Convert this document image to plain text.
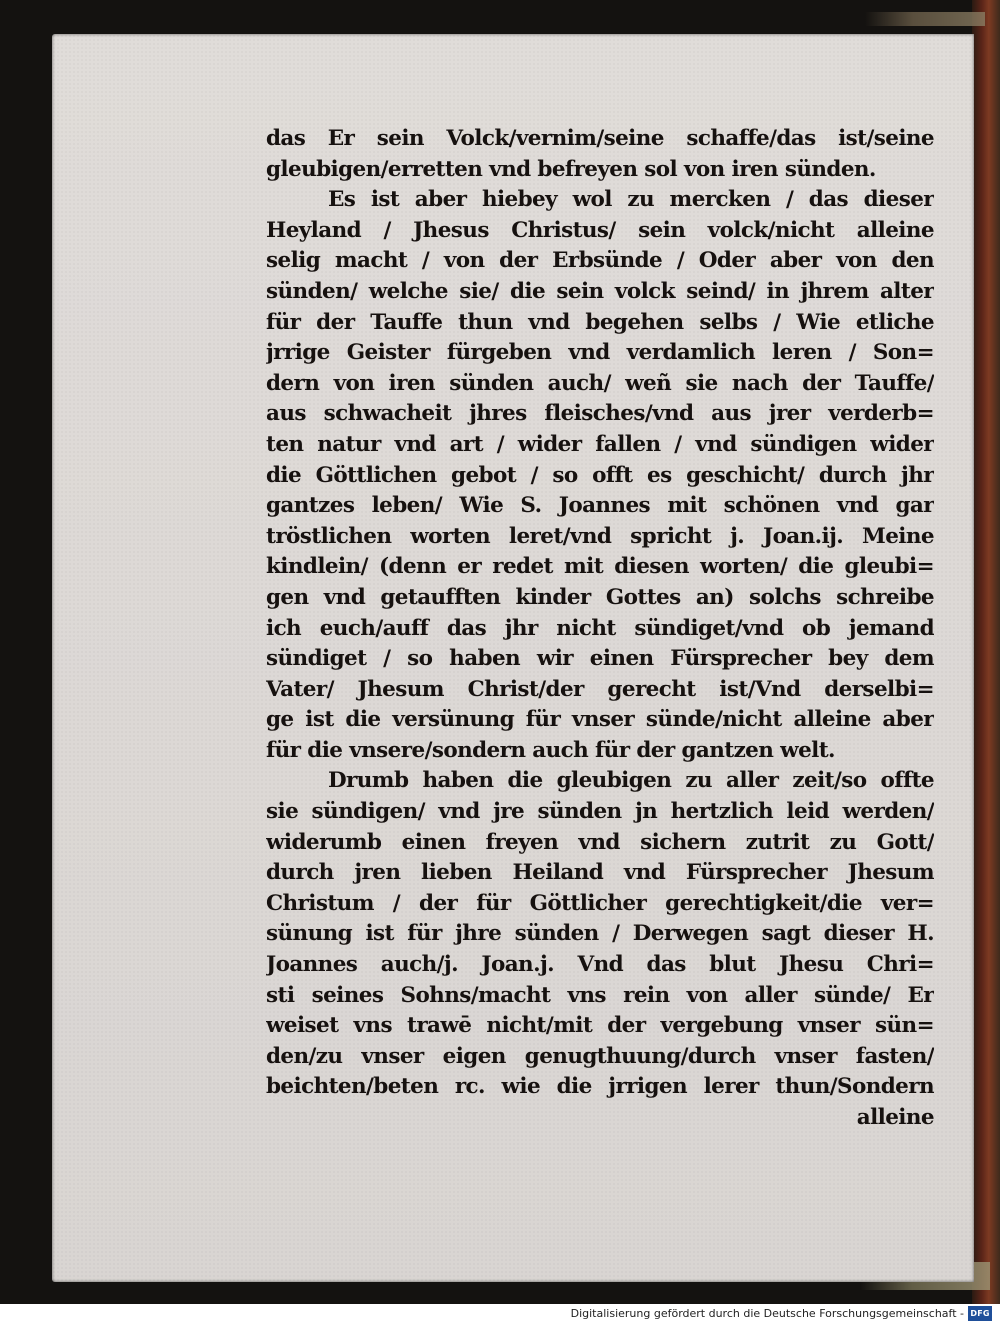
das Er sein Volck/vernim/seine schaffe/das ist/seine
gleubigen/erretten vnd befreyen sol von iren sünden.
Es ist aber hiebey wol zu mercken / das dieser
Heyland / Jhesus Christus/ sein volck/nicht alleine
selig macht / von der Erbsünde / Oder aber von den
sünden/ welche sie/ die sein volck seind/ in jhrem alter
für der Tauffe thun vnd begehen selbs / Wie etliche
jrrige Geister fürgeben vnd verdamlich leren / Son=
dern von iren sünden auch/ weñ sie nach der Tauffe/
aus schwacheit jhres fleisches/vnd aus jrer verderb=
ten natur vnd art / wider fallen / vnd sündigen wider
die Göttlichen gebot / so offt es geschicht/ durch jhr
gantzes leben/ Wie S. Joannes mit schönen vnd gar
tröstlichen worten leret/vnd spricht j. Joan.ij. Meine
kindlein/ (denn er redet mit diesen worten/ die gleubi=
gen vnd getaufften kinder Gottes an) solchs schreibe
ich euch/auff das jhr nicht sündiget/vnd ob jemand
sündiget / so haben wir einen Fürsprecher bey dem
Vater/ Jhesum Christ/der gerecht ist/Vnd derselbi=
ge ist die versünung für vnser sünde/nicht alleine aber
für die vnsere/sondern auch für der gantzen welt.
Drumb haben die gleubigen zu aller zeit/so offte
sie sündigen/ vnd jre sünden jn hertzlich leid werden/
widerumb einen freyen vnd sichern zutrit zu Gott/
durch jren lieben Heiland vnd Fürsprecher Jhesum
Christum / der für Göttlicher gerechtigkeit/die ver=
sünung ist für jhre sünden / Derwegen sagt dieser H.
Joannes auch/j. Joan.j. Vnd das blut Jhesu Chri=
sti seines Sohns/macht vns rein von aller sünde/ Er
weiset vns trawē nicht/mit der vergebung vnser sün=
den/zu vnser eigen genugthuung/durch vnser fasten/
beichten/beten rc. wie die jrrigen lerer thun/Sondern
alleine
Digitalisierung gefördert durch die Deutsche Forschungsgemeinschaft - DFG
